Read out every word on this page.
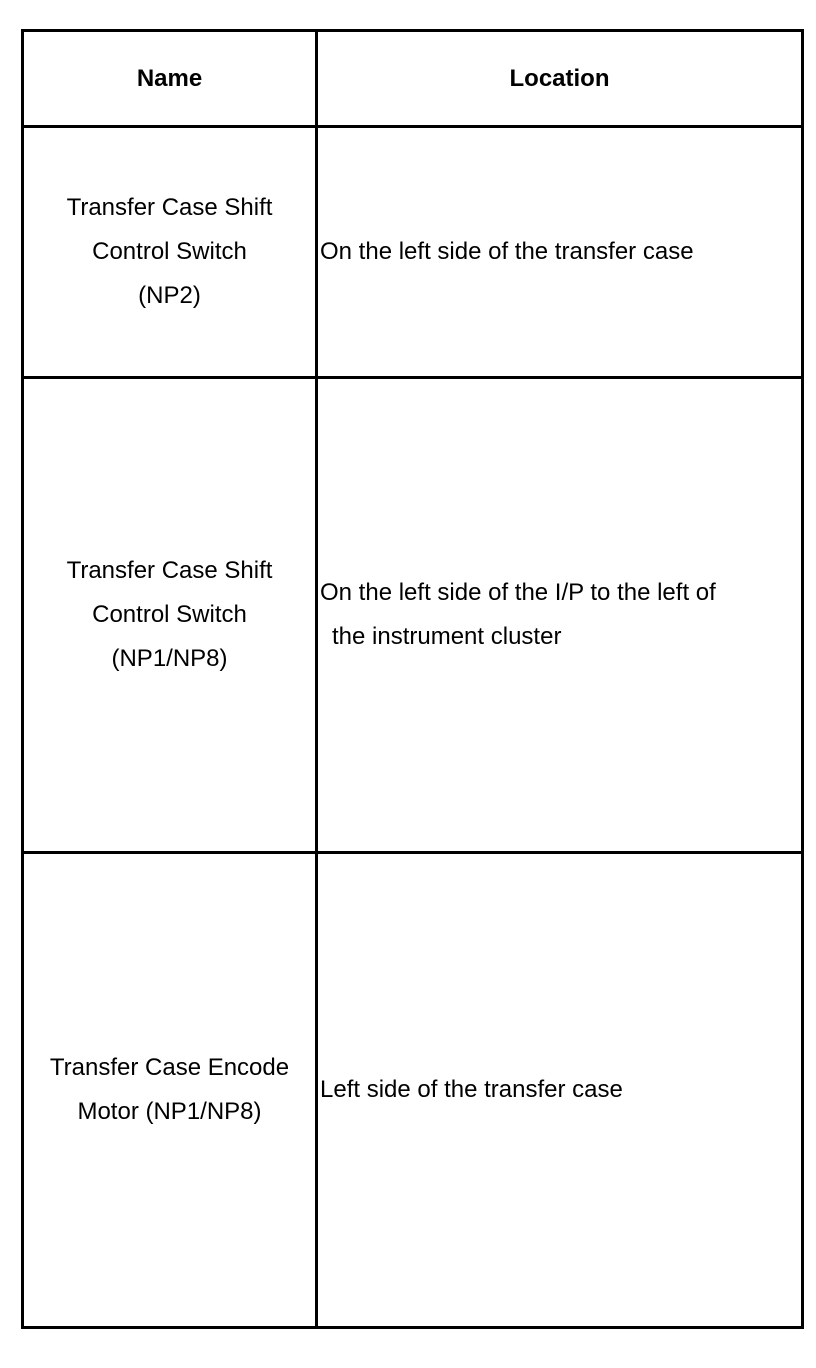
Name	Location

Transfer Case Shift
Control Switch
(NP2)	On the left side of the transfer case

Transfer Case Shift
Control Switch
(NP1/NP8)	On the left side of the I/P to the left of
the instrument cluster

Transfer Case Encode
Motor (NP1/NP8)	Left side of the transfer case
